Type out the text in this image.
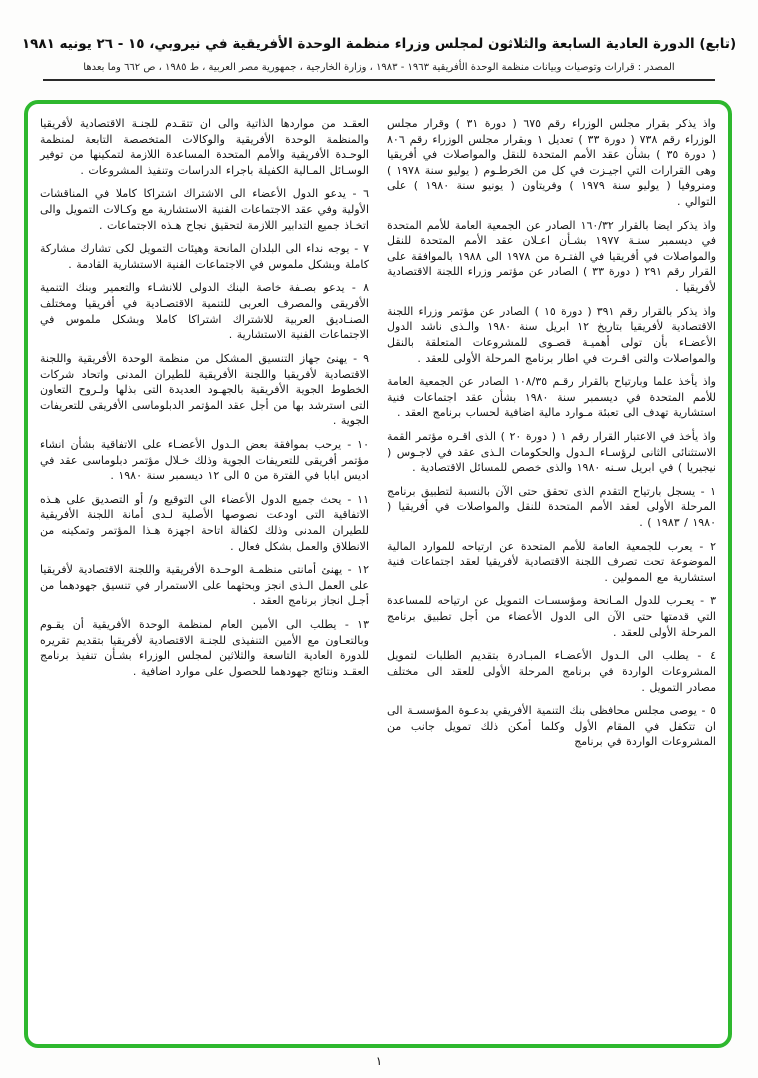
(تابع) الدورة العادية السابعة والثلاثون لمجلس وزراء منظمة الوحدة الأفريقية في نيروبي، ١٥ - ٢٦ يونيه ١٩٨١
المصدر : قرارات وتوصيات وبيانات منظمة الوحدة الأفريقية ١٩٦٣ - ١٩٨٣ ، وزارة الخارجية ، جمهورية مصر العربية ، ط ١٩٨٥ ، ص ٦٦٢ وما بعدها

واذ يذكر بقرار مجلس الوزراء رقم ٦٧٥ ( دورة ٣١ ) وقرار مجلس الوزراء رقم ٧٣٨ ( دورة ٣٣ ) تعديل ١ وبقرار مجلس الوزراء رقم ٨٠٦ ( دورة ٣٥ ) بشأن عقد الأمم المتحدة للنقل والمواصلات في أفريقيا وهى القرارات التي اجيـزت في كل من الخرطـوم ( يوليو سنة ١٩٧٨ ) ومنروفيا ( يوليو سنة ١٩٧٩ ) وفريتاون ( يونيو سنة ١٩٨٠ ) على التوالي .

واذ يذكر ايضا بالقرار ١٦٠/٣٢ الصادر عن الجمعية العامة للأمم المتحدة في ديسمبر سنـة ١٩٧٧ بشـأن اعـلان عقد الأمم المتحدة للنقل والمواصلات في أفريقيا في الفتـرة من ١٩٧٨ الى ١٩٨٨ بالموافقة على القرار رقم ٢٩١ ( دورة ٣٣ ) الصادر عن مؤتمر وزراء اللجنة الاقتصادية لأفريقيا .

واذ يذكر بالقرار رقم ٣٩١ ( دورة ١٥ ) الصادر عن مؤتمر وزراء اللجنة الاقتصادية لأفريقيا بتاريخ ١٢ ابريل سنة ١٩٨٠ والـذى ناشد الدول الأعضـاء بأن تولى أهميـة قصـوى للمشروعات المتعلقة بالنقل والمواصلات والتى اقـرت في اطار برنامج المرحلة الأولى للعقد .

واذ يأخذ علما وبارتياح بالقرار رقـم ١٠٨/٣٥ الصادر عن الجمعية العامة للأمم المتحدة في ديسمبر سنة ١٩٨٠ بشأن عقد اجتماعات فنية استشارية تهدف الى تعبئة مـوارد مالية اضافية لحساب برنامج العقد .

واذ يأخذ في الاعتبار القرار رقم ١ ( دورة ٢٠ ) الذى اقـره مؤتمر القمة الاستثنائى الثانى لرؤسـاء الـدول والحكومات الـذى عقد في لاجـوس ( نيجيريا ) في ابريل سـنه ١٩٨٠ والذى خصص للمسائل الاقتصادية .

١ - يسجل بارتياح التقدم الذى تحقق حتى الآن بالنسبة لتطبيق برنامج المرحلة الأولى لعقد الأمم المتحدة للنقل والمواصلات في أفريقيا ( ١٩٨٠ / ١٩٨٣ ) .

٢ - يعرب للجمعية العامة للأمم المتحدة عن ارتياحه للموارد المالية الموضوعة تحت تصرف اللجنة الاقتصادية لأفريقيا لعقد اجتماعات فنية استشارية مع الممولين .

٣ - يعـرب للدول المـانحة ومؤسسـات التمويل عن ارتياحه للمساعدة التي قدمتها حتى الآن الى الدول الأعضاء من أجل تطبيق برنامج المرحلة الأولى للعقد .

٤ - يطلب الى الـدول الأعضـاء المبـادرة بتقديم الطلبات لتمويل المشروعات الواردة في برنامج المرحلة الأولى للعقد الى مختلف مصادر التمويل .

٥ - يوصى مجلس محافظى بنك التنمية الأفريقي بدعـوة المؤسسـة الى ان تتكفل في المقام الأول وكلما أمكن ذلك تمويل جانب من المشروعات الواردة في برنامج

العقـد من مواردها الذاتية والى ان تتقـدم للجنـة الاقتصادية لأفريقيا والمنظمة الوحدة الأفريقية والوكالات المتخصصة التابعة لمنظمة الوحـدة الأفريقية والأمم المتحدة المساعدة اللازمة لتمكينها من توفير الوسـائل المـالية الكفيلة باجراء الدراسات وتنفيذ المشروعات .

٦ - يدعو الدول الأعضاء الى الاشتراك اشتراكا كاملا في المناقشات الأولية وفي عقد الاجتماعات الفنية الاستشارية مع وكـالات التمويل والى اتخـاذ جميع التدابير اللازمة لتحقيق نجاح هـذه الاجتماعات .

٧ - يوجه نداء الى البلدان المانحة وهيئات التمويل لكى تشارك مشاركة كاملة وبشكل ملموس في الاجتماعات الفنية الاستشارية القادمة .

٨ - يدعو بصـفة خاصة البنك الدولى للانشـاء والتعمير وبنك التنمية الأفريقى والمصرف العربى للتنمية الاقتصـادية في أفريقيا ومختلف الصنـاديق العربية للاشتراك اشتراكا كاملا وبشكل ملموس في الاجتماعات الفنية الاستشارية .

٩ - يهنئ جهاز التنسيق المشكل من منظمة الوحدة الأفريقية واللجنة الاقتصادية لأفريقيا واللجنة الأفريقية للطيران المدنى واتحاد شركات الخطوط الجوية الأفريقية بالجهـود العديدة التى بذلها ولـروح التعاون التى استرشد بها من أجل عقد المؤتمر الدبلوماسى الأفريقى للتعريفات الجوية .

١٠ - يرحب بموافقة بعض الـدول الأعضـاء على الاتفاقية بشأن انشاء مؤتمر أفريقى للتعريفات الجوية وذلك خـلال مؤتمر دبلوماسى عقد في اديس ابابا في الفترة من ٥ الى ١٢ ديسمبر سنة ١٩٨٠ .

١١ - يحث جميع الدول الأعضاء الى التوقيع و/ أو التصديق على هـذه الاتفاقية التى اودعت نصوصها الأصلية لـدى أمانة اللجنة الأفريقية للطيران المدنى وذلك لكفالة اتاحة اجهزة هـذا المؤتمر وتمكينه من الانطلاق والعمل بشكل فعال .

١٢ - يهنئ أمانتى منظمـة الوحـدة الأفريقية واللجنة الاقتصادية لأفريقيا على العمل الـذى انجز وبحثهما على الاستمرار في تنسيق جهودهما من أجـل انجاز برنامج العقد .

١٣ - يطلب الى الأمين العام لمنظمة الوحدة الأفريقية أن يقـوم وبالتعـاون مع الأمين التنفيذى للجنـة الاقتصادية لأفريقيا بتقديم تقريره للدورة العادية التاسعة والثلاثين لمجلس الوزراء بشـأن تنفيذ برنامج العقـد ونتائج جهودهما للحصول على موارد اضافية .

١
